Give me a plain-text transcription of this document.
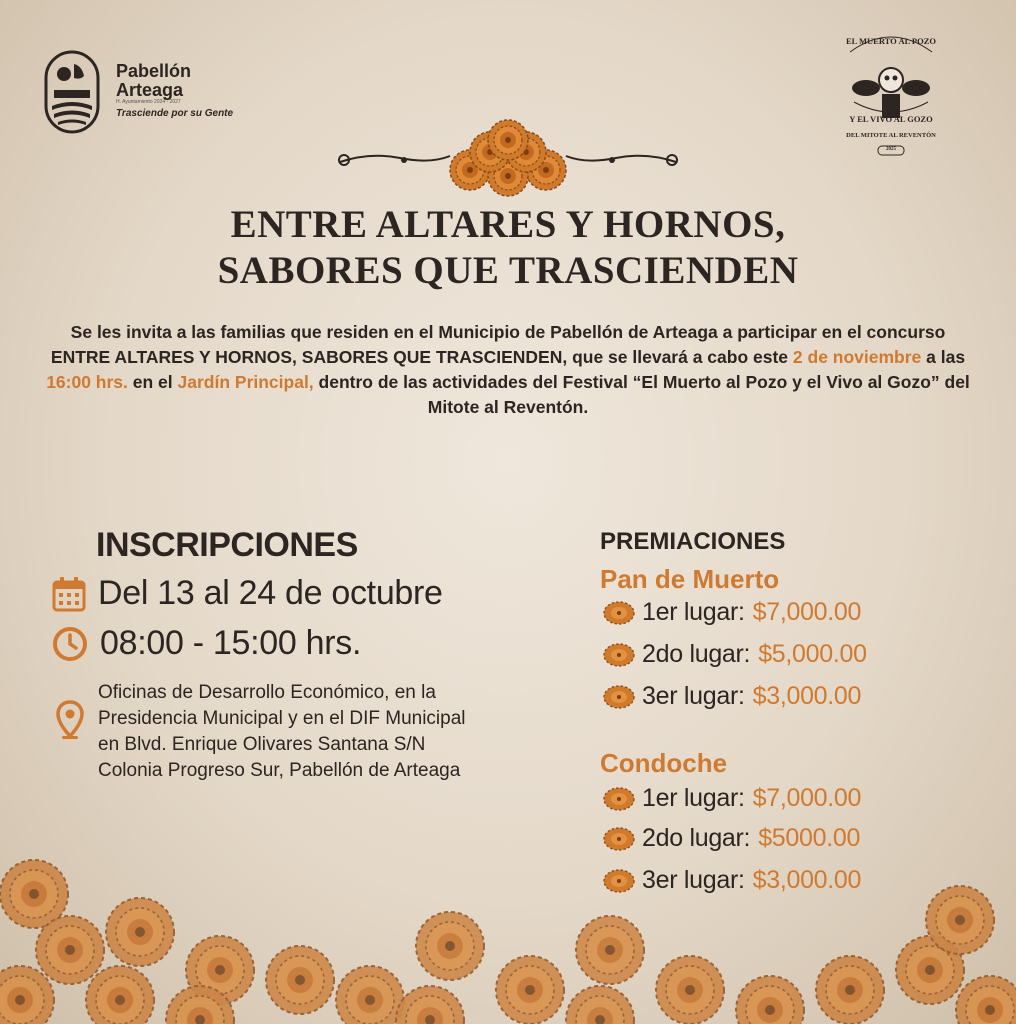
Pabellón
Arteaga
H. Ayuntamiento 2024 - 2027
Trasciende por su Gente
EL MUERTO AL POZO
Y EL VIVO AL GOZO
DEL MITOTE AL REVENTÓN
2025
ENTRE ALTARES Y HORNOS,
SABORES QUE TRASCIENDEN
Se les invita a las familias que residen en el Municipio de Pabellón de Arteaga a participar en el concurso ENTRE ALTARES Y HORNOS, SABORES QUE TRASCIENDEN, que se llevará a cabo este 2 de noviembre a las 16:00 hrs. en el Jardín Principal, dentro de las actividades del Festival “El Muerto al Pozo y el Vivo al Gozo” del Mitote al Reventón.
INSCRIPCIONES
Del 13 al 24 de octubre
08:00 - 15:00 hrs.
Oficinas de Desarrollo Económico, en la Presidencia Municipal y en el DIF Municipal en Blvd. Enrique Olivares Santana S/N Colonia Progreso Sur, Pabellón de Arteaga
PREMIACIONES
Pan de Muerto
1er lugar: $7,000.00
2do lugar: $5,000.00
3er lugar: $3,000.00
Condoche
1er lugar: $7,000.00
2do lugar: $5000.00
3er lugar: $3,000.00
